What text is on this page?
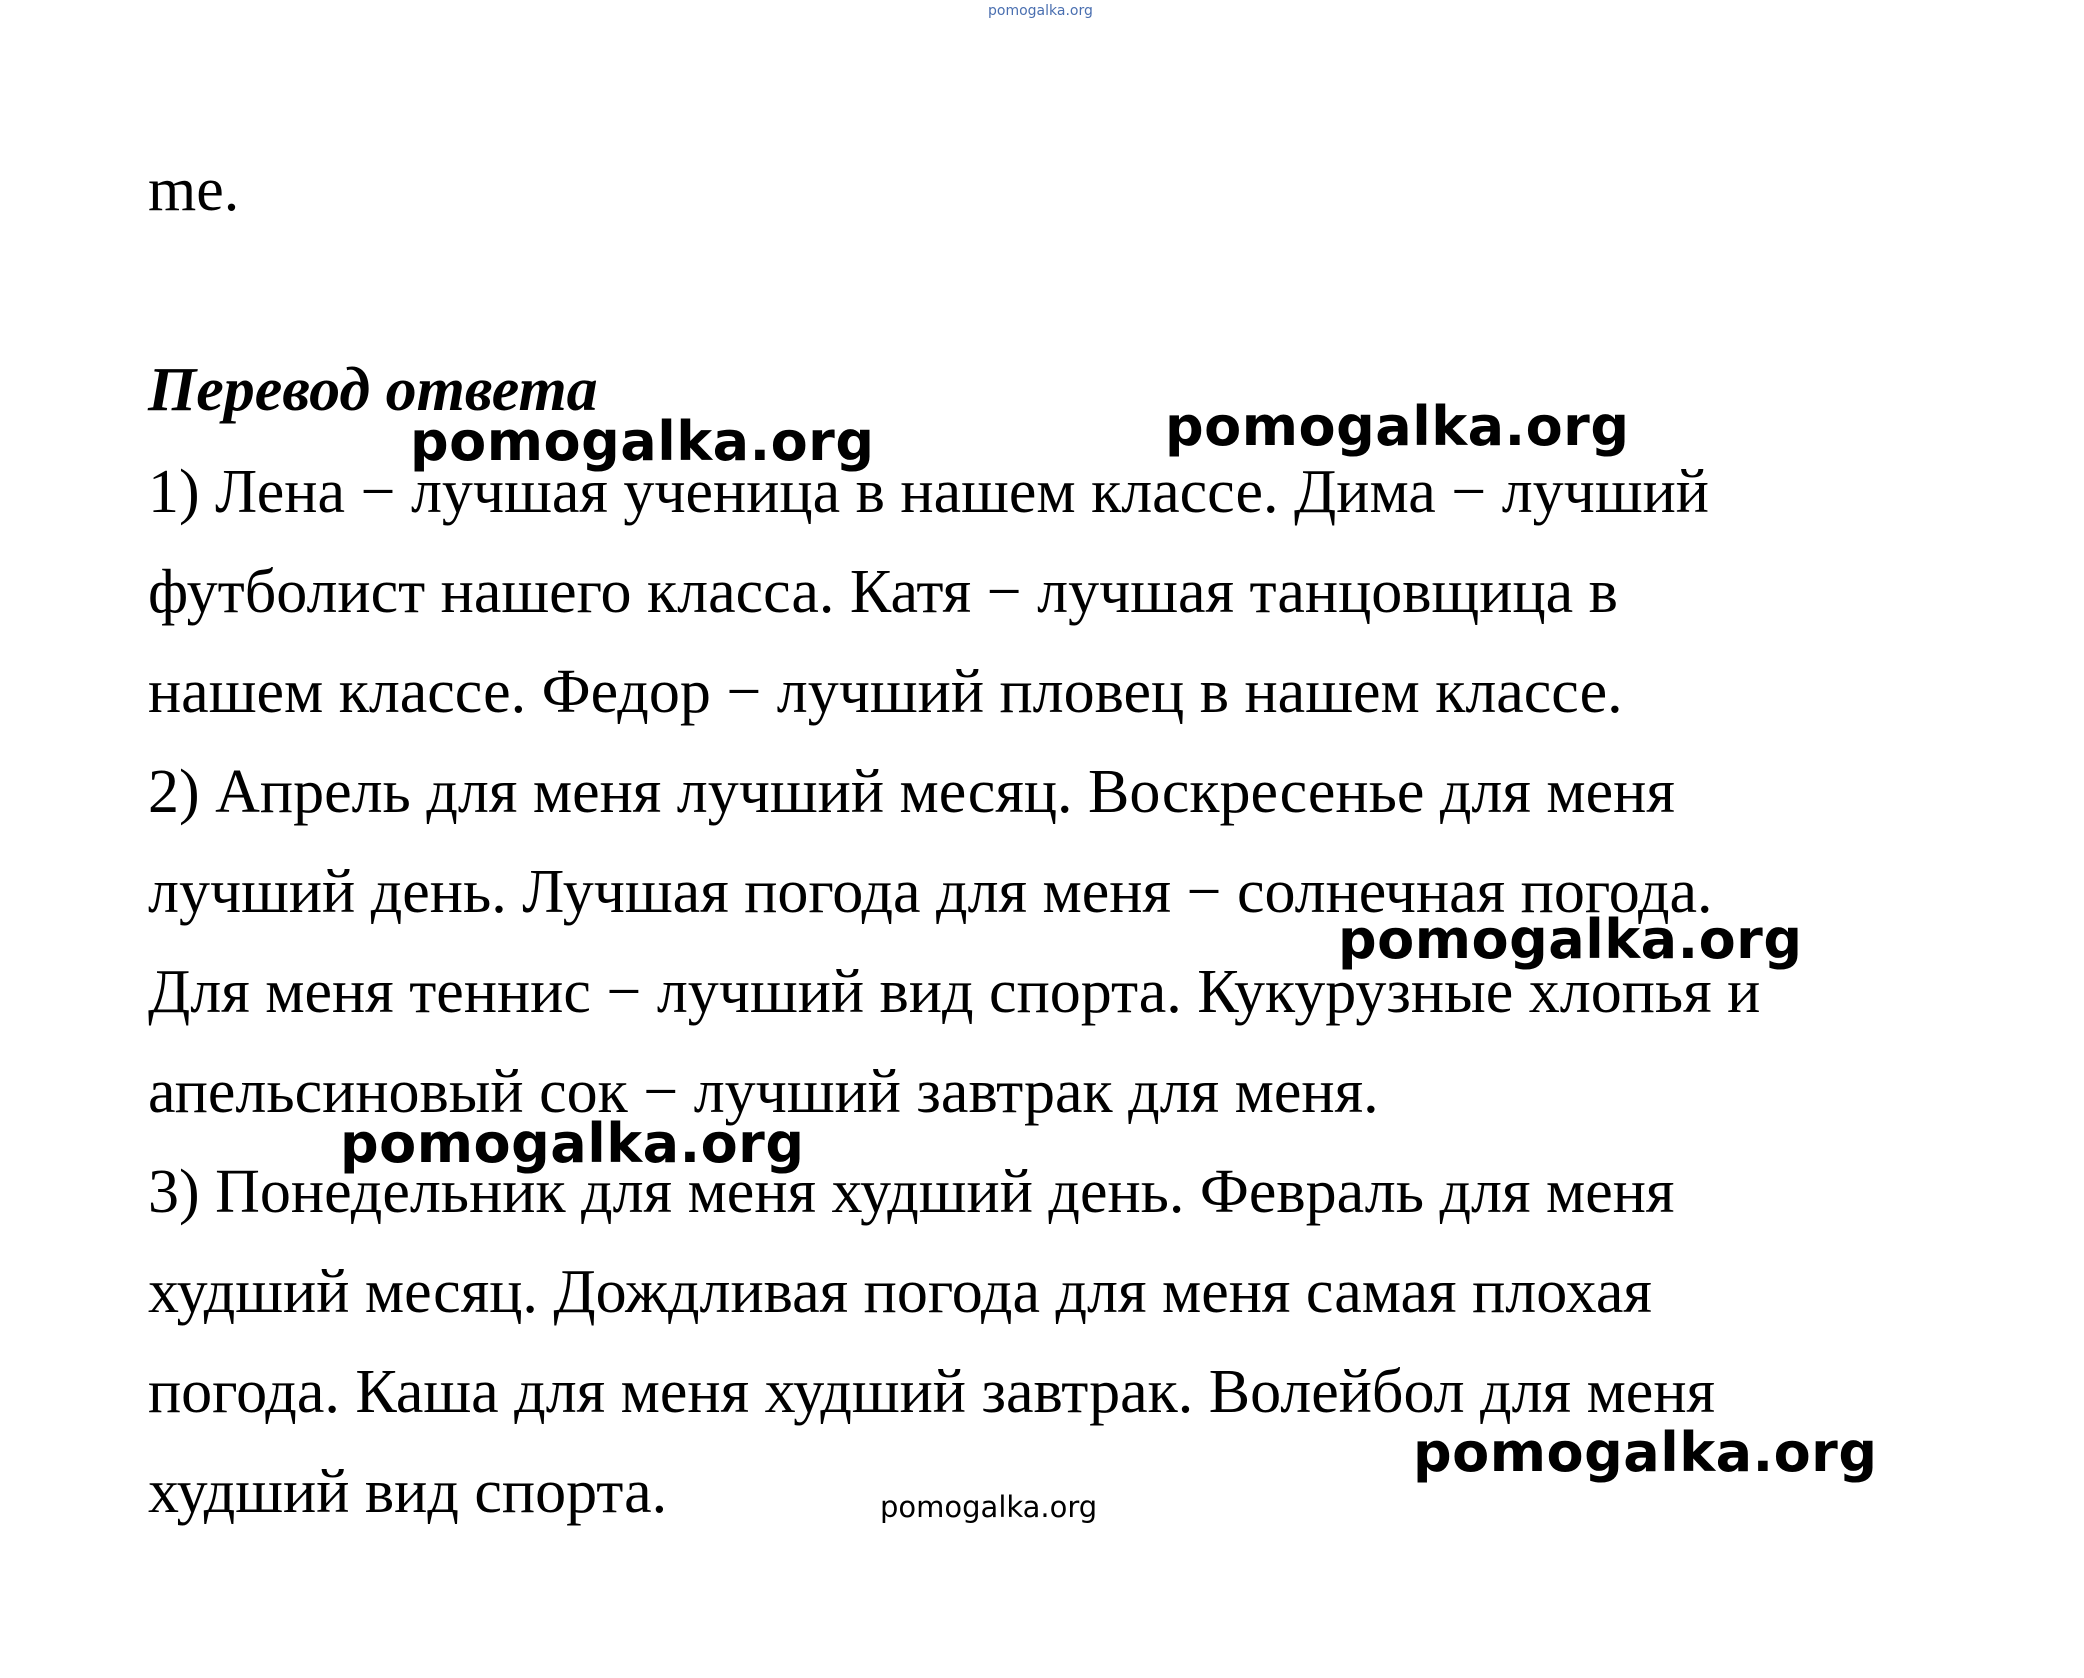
pomogalka.org
me.
Перевод ответа
1) Лена − лучшая ученица в нашем классе. Дима − лучший
футболист нашего класса. Катя − лучшая танцовщица в
нашем классе. Федор − лучший пловец в нашем классе.
2) Апрель для меня лучший месяц. Воскресенье для меня
лучший день. Лучшая погода для меня − солнечная погода.
Для меня теннис − лучший вид спорта. Кукурузные хлопья и
апельсиновый сок − лучший завтрак для меня.
3) Понедельник для меня худший день. Февраль для меня
худший месяц. Дождливая погода для меня самая плохая
погода. Каша для меня худший завтрак. Волейбол для меня
худший вид спорта.
pomogalka.org	pomogalka.org
pomogalka.org
pomogalka.org
pomogalka.org
pomogalka.org
